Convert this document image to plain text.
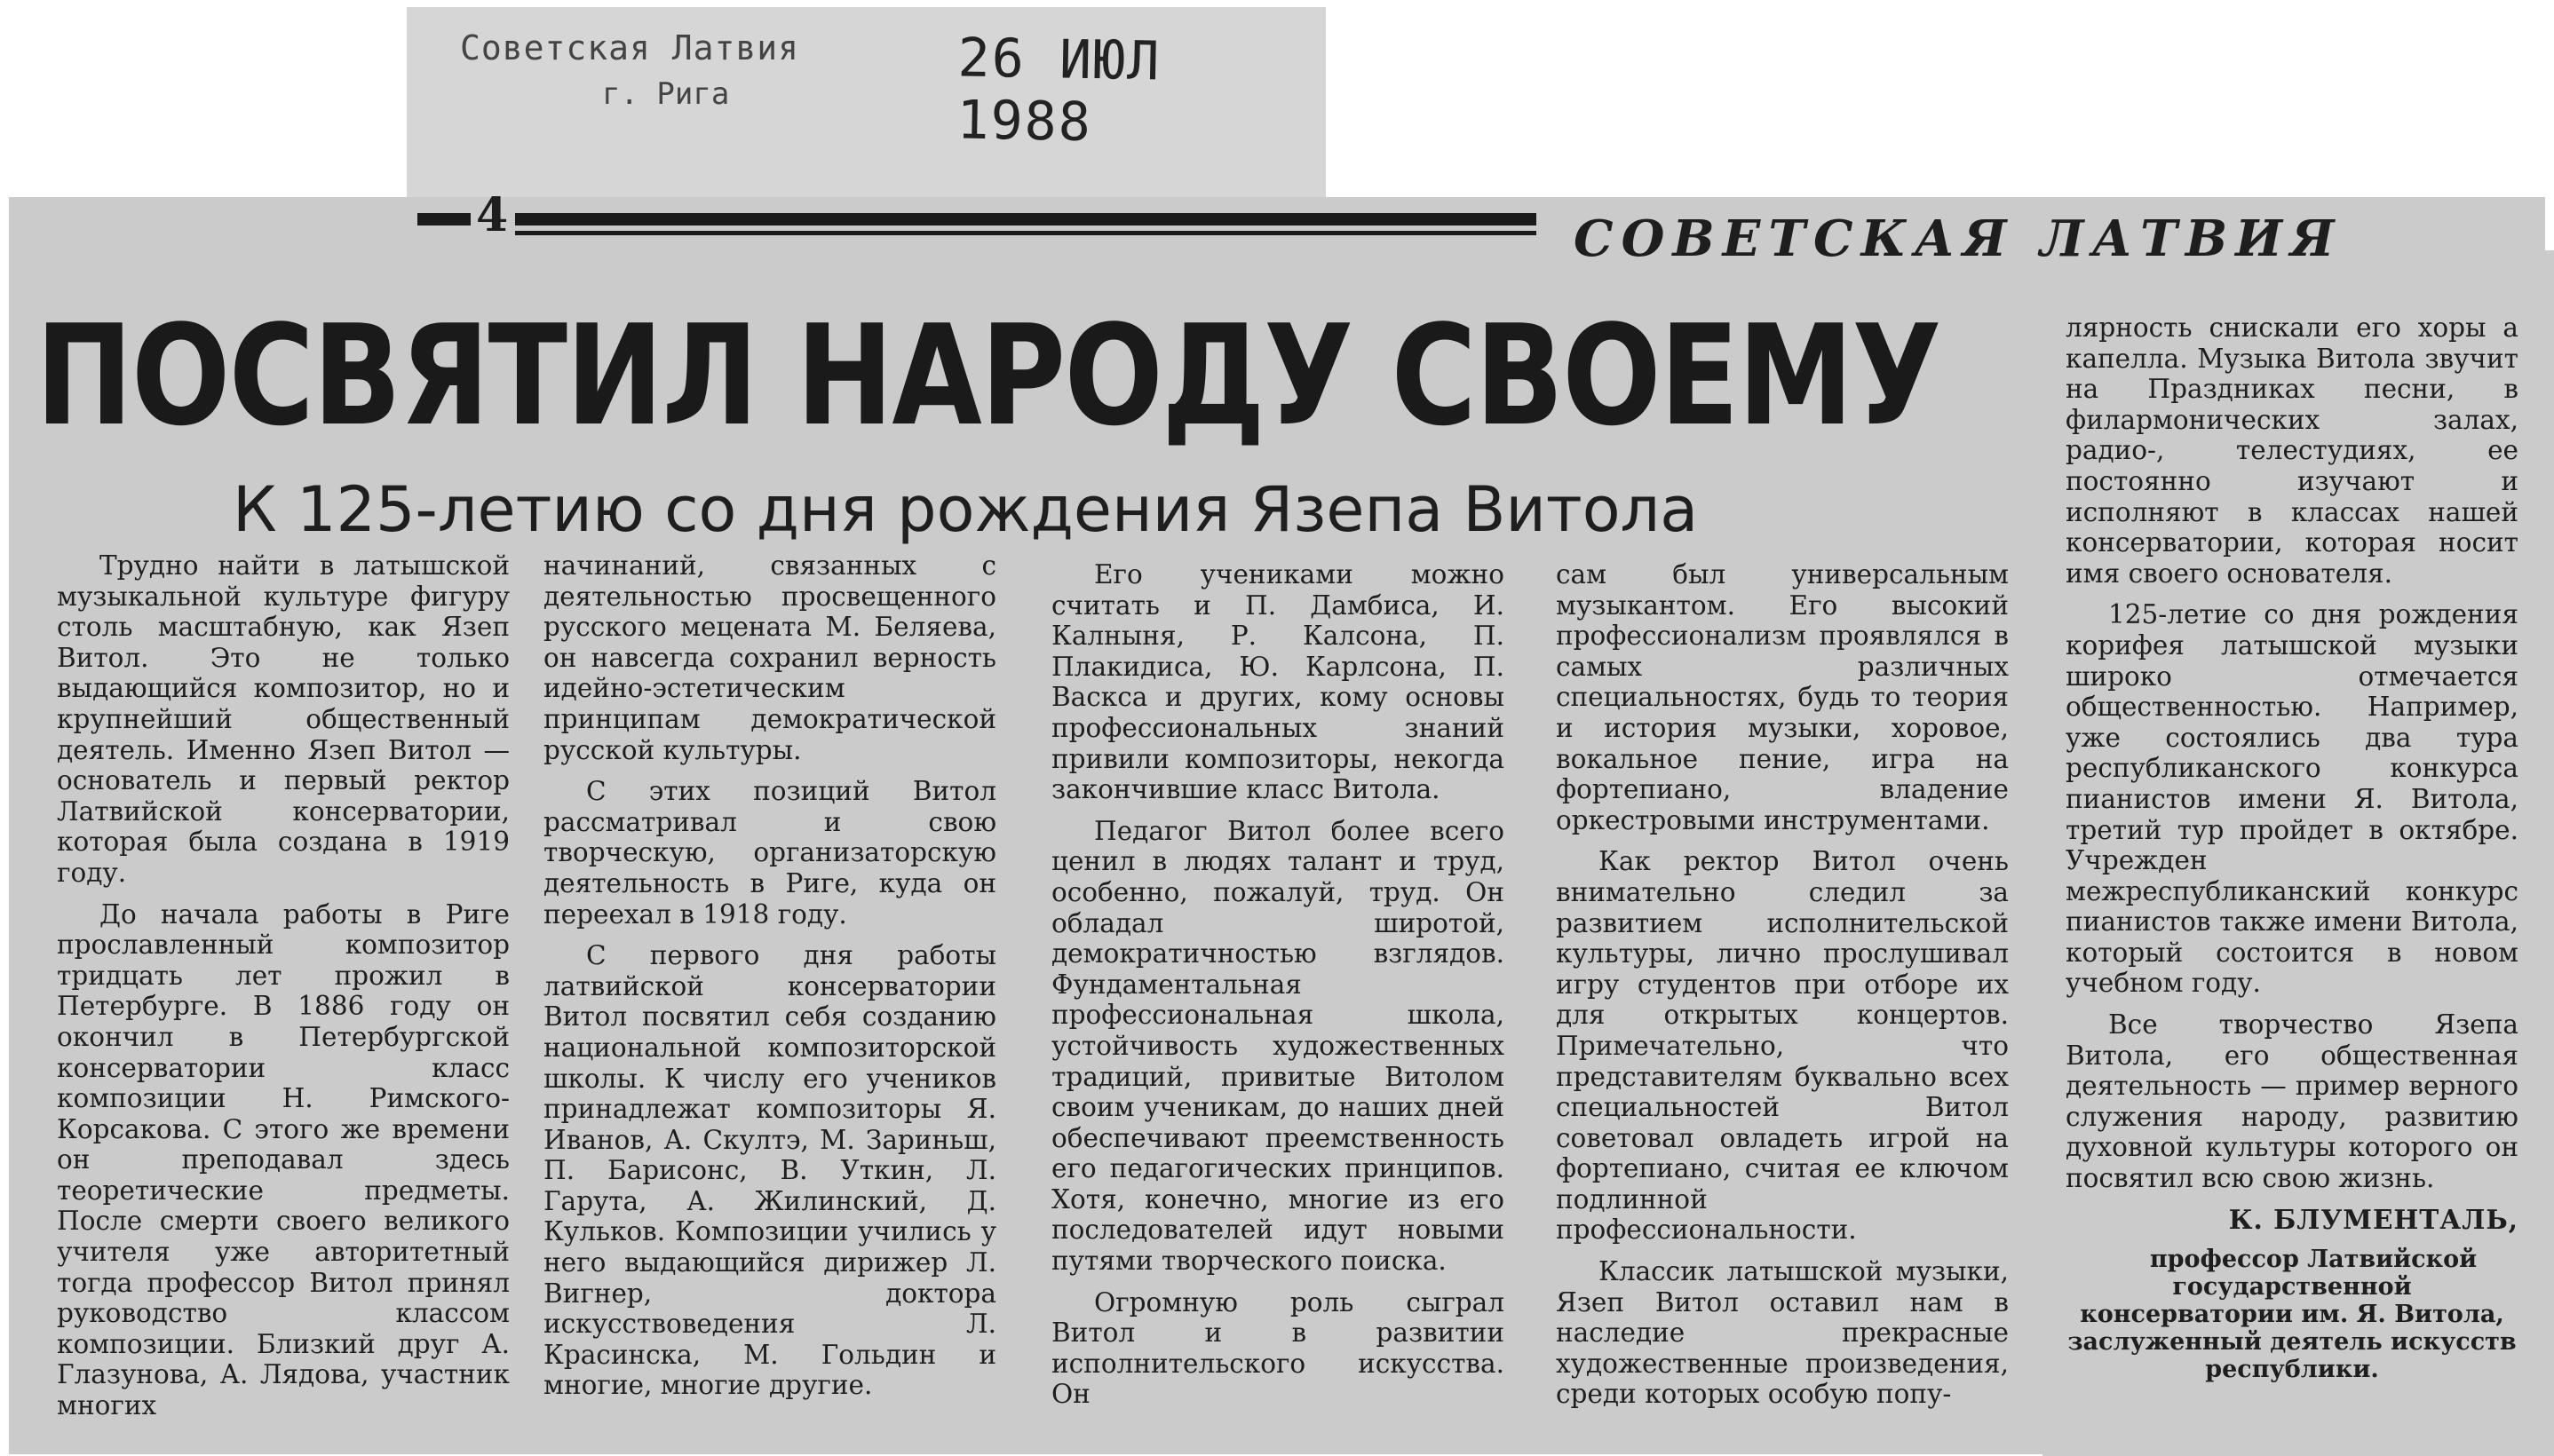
Советская Латвия
г. Рига
26 ИЮЛ 1988
4	СОВЕТСКАЯ ЛАТВИЯ
ПОСВЯТИЛ НАРОДУ СВОЕМУ
К 125-летию со дня рождения Язепа Витола

Трудно найти в латышской музыкальной культуре фигуру столь масштабную, как Язеп Витол. Это не только выдающийся композитор, но и крупнейший общественный деятель. Именно Язеп Витол — основатель и первый ректор Латвийской консерватории, которая была создана в 1919 году.

До начала работы в Риге прославленный композитор тридцать лет прожил в Петербурге. В 1886 году он окончил в Петербургской консерватории класс композиции Н. Римского-Корсакова. С этого же времени он преподавал здесь теоретические предметы. После смерти своего великого учителя уже авторитетный тогда профессор Витол принял руководство классом композиции. Близкий друг А. Глазунова, А. Лядова, участник многих

начинаний, связанных с деятельностью просвещенного русского мецената М. Беляева, он навсегда сохранил верность идейно-эстетическим принципам демократической русской культуры.

С этих позиций Витол рассматривал и свою творческую, организаторскую деятельность в Риге, куда он переехал в 1918 году.

С первого дня работы латвийской консерватории Витол посвятил себя созданию национальной композиторской школы. К числу его учеников принадлежат композиторы Я. Иванов, А. Скултэ, М. Зариньш, П. Барисонс, В. Уткин, Л. Гарута, А. Жилинский, Д. Кульков. Композиции учились у него выдающийся дирижер Л. Вигнер, доктора искусствоведения Л. Красинска, М. Гольдин и многие, многие другие.

Его учениками можно считать и П. Дамбиса, И. Калныня, Р. Калсона, П. Плакидиса, Ю. Карлсона, П. Васкса и других, кому основы профессиональных знаний привили композиторы, некогда закончившие класс Витола.

Педагог Витол более всего ценил в людях талант и труд, особенно, пожалуй, труд. Он обладал широтой, демократичностью взглядов. Фундаментальная профессиональная школа, устойчивость художественных традиций, привитые Витолом своим ученикам, до наших дней обеспечивают преемственность его педагогических принципов. Хотя, конечно, многие из его последователей идут новыми путями творческого поиска.

Огромную роль сыграл Витол и в развитии исполнительского искусства. Он

сам был универсальным музыкантом. Его высокий профессионализм проявлялся в самых различных специальностях, будь то теория и история музыки, хоровое, вокальное пение, игра на фортепиано, владение оркестровыми инструментами.

Как ректор Витол очень внимательно следил за развитием исполнительской культуры, лично прослушивал игру студентов при отборе их для открытых концертов. Примечательно, что представителям буквально всех специальностей Витол советовал овладеть игрой на фортепиано, считая ее ключом подлинной профессиональности.

Классик латышской музыки, Язеп Витол оставил нам в наследие прекрасные художественные произведения, среди которых особую попу-

лярность снискали его хоры а капелла. Музыка Витола звучит на Праздниках песни, в филармонических залах, радио-, телестудиях, ее постоянно изучают и исполняют в классах нашей консерватории, которая носит имя своего основателя.

125-летие со дня рождения корифея латышской музыки широко отмечается общественностью. Например, уже состоялись два тура республиканского конкурса пианистов имени Я. Витола, третий тур пройдет в октябре. Учрежден межреспубликанский конкурс пианистов также имени Витола, который состоится в новом учебном году.

Все творчество Язепа Витола, его общественная деятельность — пример верного служения народу, развитию духовной культуры которого он посвятил всю свою жизнь.

К. БЛУМЕНТАЛЬ,

профессор Латвийской государственной консерватории им. Я. Витола, заслуженный деятель искусств республики.
